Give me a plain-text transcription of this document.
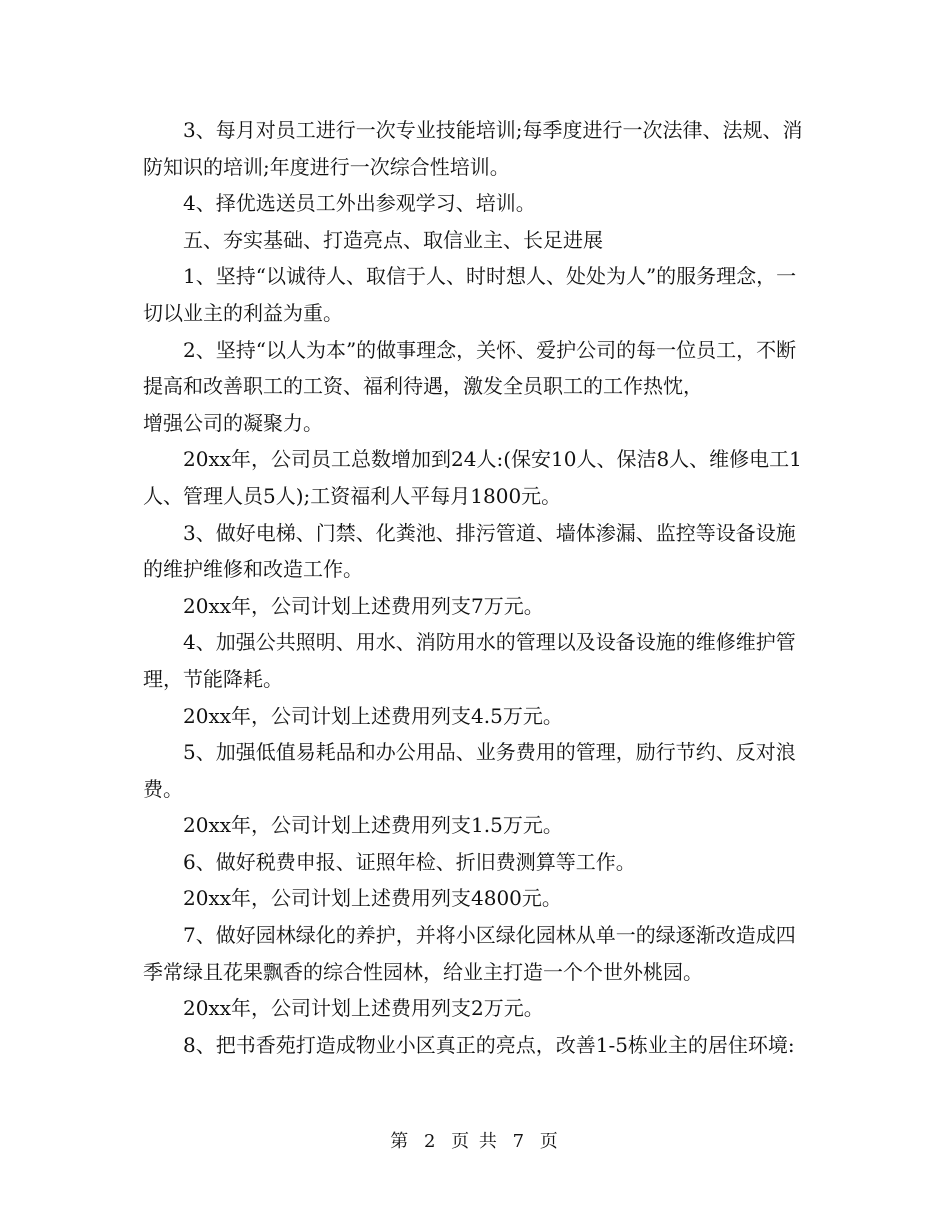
3、每月对员工进行一次专业技能培训;每季度进行一次法律、法规、消防知识的培训;年度进行一次综合性培训。

4、择优选送员工外出参观学习、培训。

五、夯实基础、打造亮点、取信业主、长足进展

1、坚持“以诚待人、取信于人、时时想人、处处为人”的服务理念，一切以业主的利益为重。

2、坚持“以人为本”的做事理念，关怀、爱护公司的每一位员工，不断提高和改善职工的工资、福利待遇，激发全员职工的工作热忱，

增强公司的凝聚力。

20xx年，公司员工总数增加到24人:(保安10人、保洁8人、维修电工1人、管理人员5人);工资福利人平每月1800元。

3、做好电梯、门禁、化粪池、排污管道、墙体渗漏、监控等设备设施的维护维修和改造工作。

20xx年，公司计划上述费用列支7万元。

4、加强公共照明、用水、消防用水的管理以及设备设施的维修维护管理，节能降耗。

20xx年，公司计划上述费用列支4.5万元。

5、加强低值易耗品和办公用品、业务费用的管理，励行节约、反对浪费。

20xx年，公司计划上述费用列支1.5万元。

6、做好税费申报、证照年检、折旧费测算等工作。

20xx年，公司计划上述费用列支4800元。

7、做好园林绿化的养护，并将小区绿化园林从单一的绿逐渐改造成四季常绿且花果飘香的综合性园林，给业主打造一个个世外桃园。

20xx年，公司计划上述费用列支2万元。

8、把书香苑打造成物业小区真正的亮点，改善1-5栋业主的居住环境:

第 2 页 共 7 页
